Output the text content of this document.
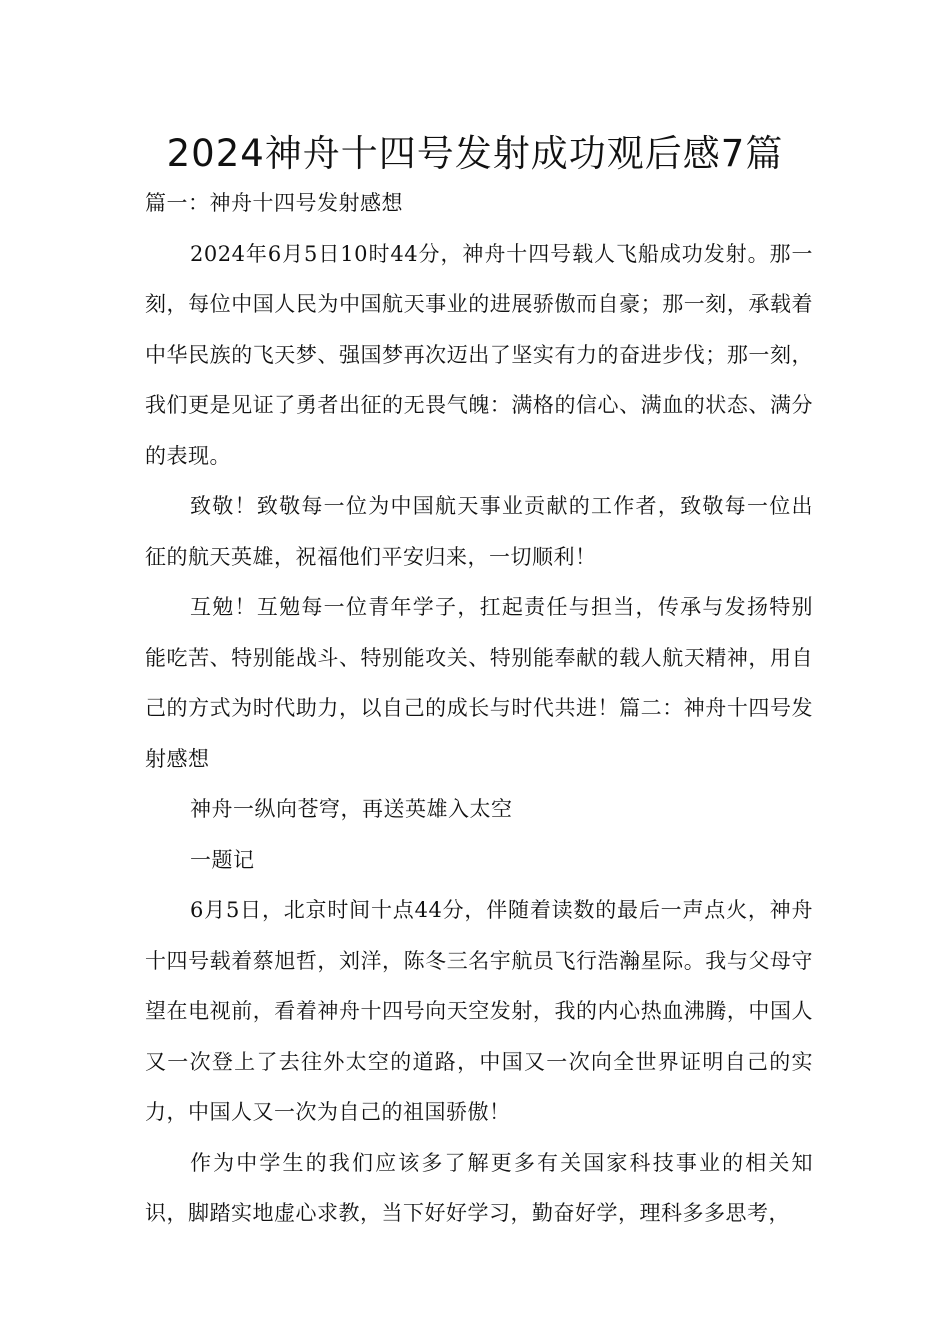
2024神舟十四号发射成功观后感7篇

篇一：神舟十四号发射感想

2024年6月5日10时44分，神舟十四号载人飞船成功发射。那一刻，每位中国人民为中国航天事业的进展骄傲而自豪；那一刻，承载着中华民族的飞天梦、强国梦再次迈出了坚实有力的奋进步伐；那一刻，我们更是见证了勇者出征的无畏气魄：满格的信心、满血的状态、满分的表现。

致敬！致敬每一位为中国航天事业贡献的工作者，致敬每一位出征的航天英雄，祝福他们平安归来，一切顺利！

互勉！互勉每一位青年学子，扛起责任与担当，传承与发扬特别能吃苦、特别能战斗、特别能攻关、特别能奉献的载人航天精神，用自己的方式为时代助力，以自己的成长与时代共进！篇二：神舟十四号发射感想

神舟一纵向苍穹，再送英雄入太空

一题记

6月5日，北京时间十点44分，伴随着读数的最后一声点火，神舟十四号载着蔡旭哲，刘洋，陈冬三名宇航员飞行浩瀚星际。我与父母守望在电视前，看着神舟十四号向天空发射，我的内心热血沸腾，中国人又一次登上了去往外太空的道路，中国又一次向全世界证明自己的实力，中国人又一次为自己的祖国骄傲！

作为中学生的我们应该多了解更多有关国家科技事业的相关知识，脚踏实地虚心求教，当下好好学习，勤奋好学，理科多多思考，
